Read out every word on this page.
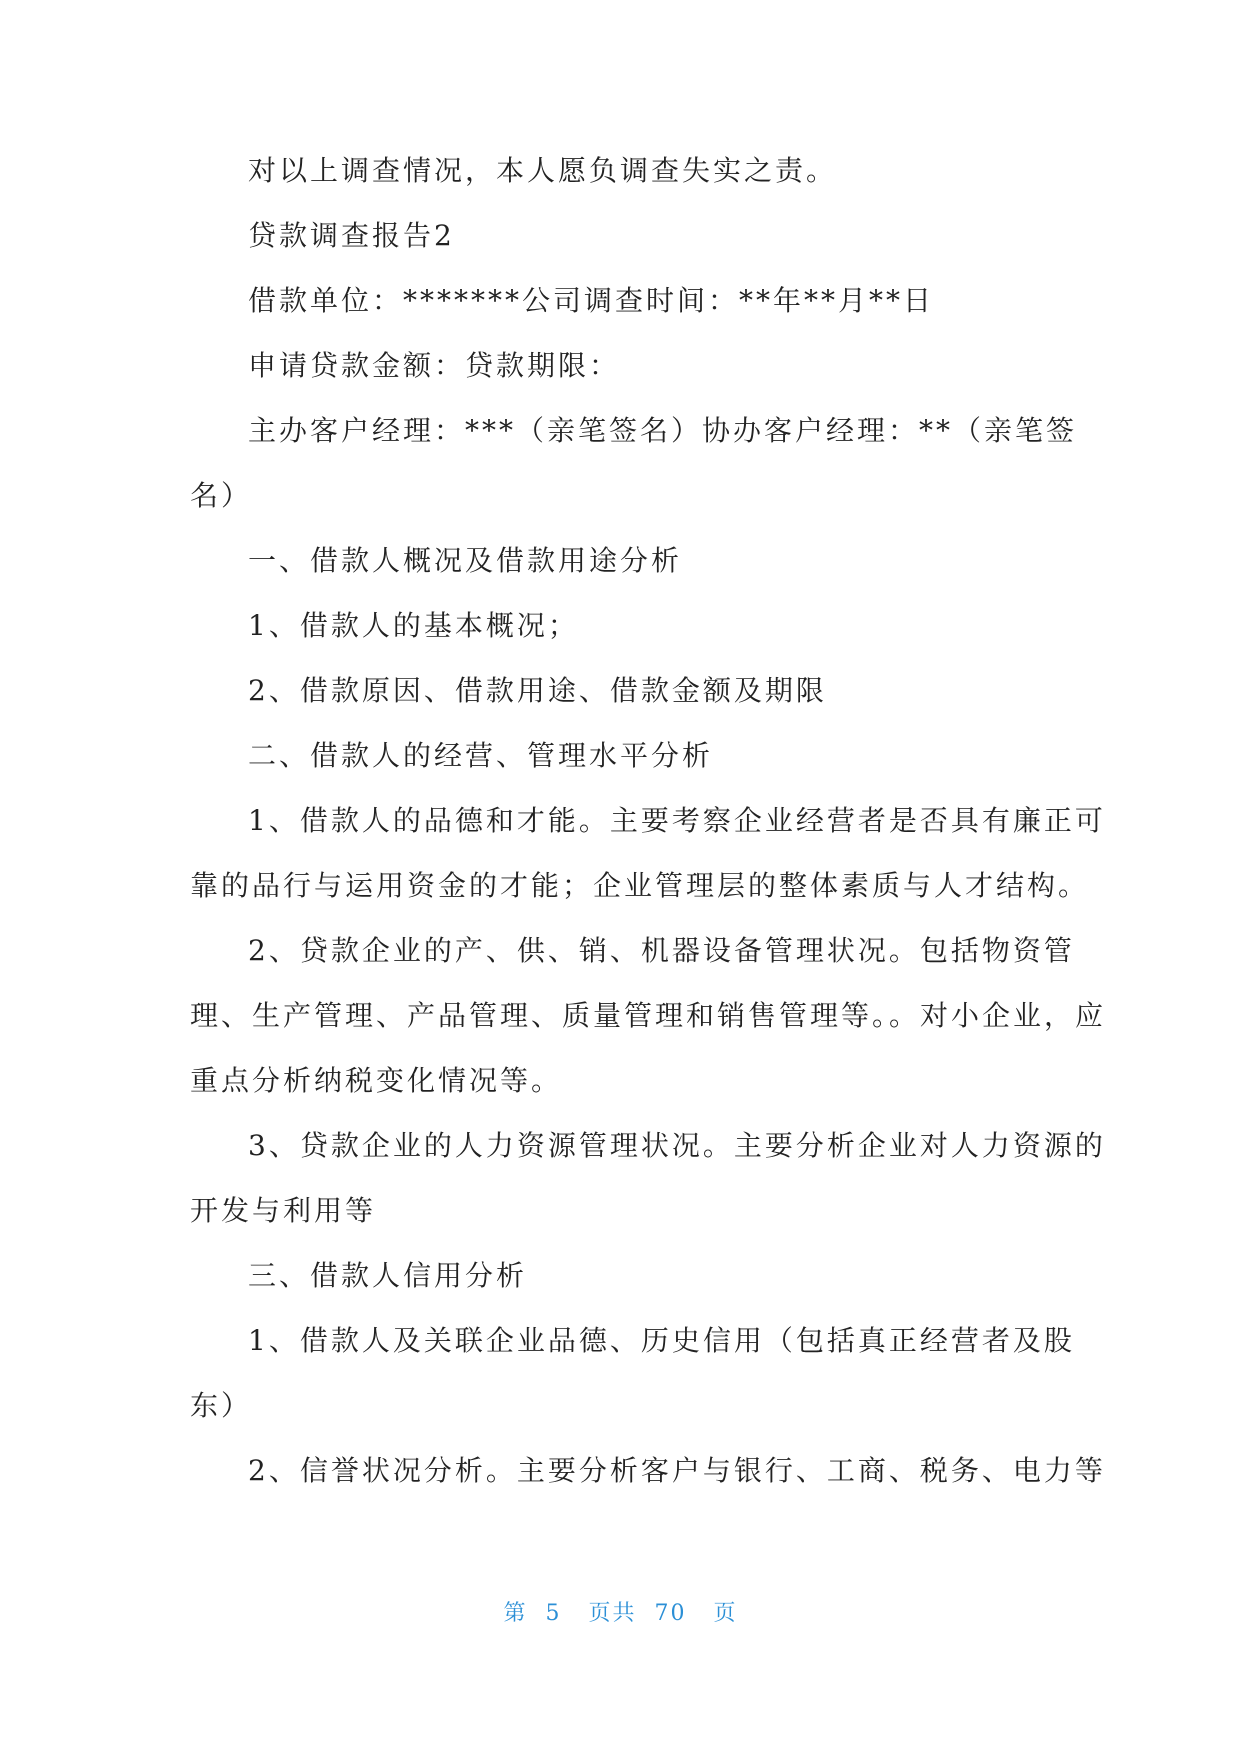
对以上调查情况，本人愿负调查失实之责。
贷款调查报告2
借款单位：*******公司调查时间：**年**月**日
申请贷款金额：贷款期限：
主办客户经理：***（亲笔签名）协办客户经理：**（亲笔签
名）
一、借款人概况及借款用途分析
1、借款人的基本概况；
2、借款原因、借款用途、借款金额及期限
二、借款人的经营、管理水平分析
1、借款人的品德和才能。主要考察企业经营者是否具有廉正可
靠的品行与运用资金的才能；企业管理层的整体素质与人才结构。
2、贷款企业的产、供、销、机器设备管理状况。包括物资管
理、生产管理、产品管理、质量管理和销售管理等。。对小企业，应
重点分析纳税变化情况等。
3、贷款企业的人力资源管理状况。主要分析企业对人力资源的
开发与利用等
三、借款人信用分析
1、借款人及关联企业品德、历史信用（包括真正经营者及股
东）
2、信誉状况分析。主要分析客户与银行、工商、税务、电力等
第  5   页共  70   页
